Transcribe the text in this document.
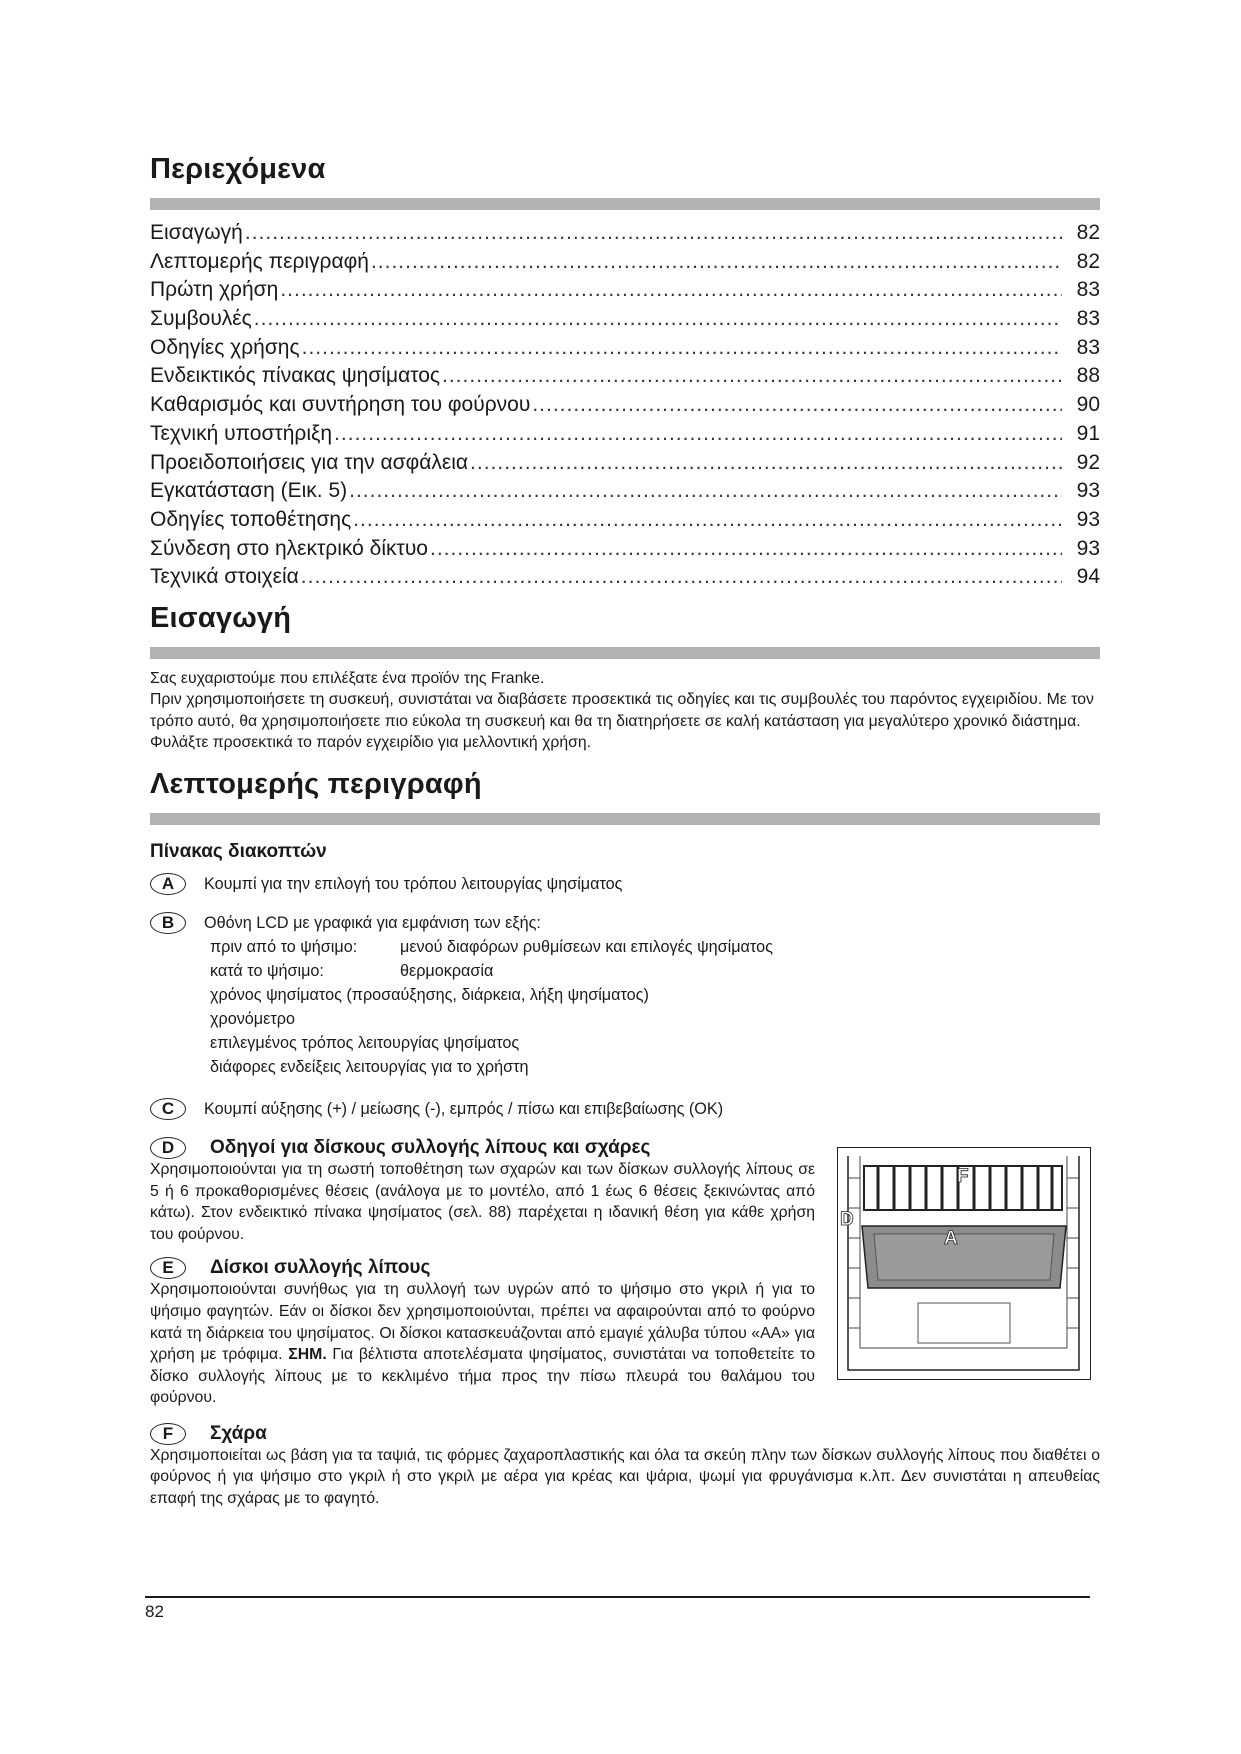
Περιεχόμενα
Εισαγωγή .....	82
Λεπτομερής περιγραφή .....	82
Πρώτη χρήση .....	83
Συμβουλές .....	83
Οδηγίες χρήσης .....	83
Ενδεικτικός πίνακας ψησίματος .....	88
Καθαρισμός και συντήρηση του φούρνου .....	90
Τεχνική υποστήριξη .....	91
Προειδοποιήσεις για την ασφάλεια .....	92
Εγκατάσταση (Εικ. 5) .....	93
Οδηγίες τοποθέτησης .....	93
Σύνδεση στο ηλεκτρικό δίκτυο .....	93
Τεχνικά στοιχεία .....	94
Εισαγωγή

Σας ευχαριστούμε που επιλέξατε ένα προϊόν της Franke.

Πριν χρησιμοποιήσετε τη συσκευή, συνιστάται να διαβάσετε προσεκτικά τις οδηγίες και τις συμβουλές του παρόντος εγχειριδίου. Με τον τρόπο αυτό, θα χρησιμοποιήσετε πιο εύκολα τη συσκευή και θα τη διατηρήσετε σε καλή κατάσταση για μεγαλύτερο χρονικό διάστημα. Φυλάξτε προσεκτικά το παρόν εγχειρίδιο για μελλοντική χρήση.

Λεπτομερής περιγραφή

Πίνακας διακοπτών

A	Κουμπί για την επιλογή του τρόπου λειτουργίας ψησίματος
B	Οθόνη LCD με γραφικά για εμφάνιση των εξής:
πριν από το ψήσιμο:	μενού διαφόρων ρυθμίσεων και επιλογές ψησίματος
κατά το ψήσιμο:	θερμοκρασία
χρόνος ψησίματος (προσαύξησης, διάρκεια, λήξη ψησίματος)
χρονόμετρο
επιλεγμένος τρόπος λειτουργίας ψησίματος
διάφορες ενδείξεις λειτουργίας για το χρήστη
C	Κουμπί αύξησης (+) / μείωσης (-), εμπρός / πίσω και επιβεβαίωσης (OK)
D	Οδηγοί για δίσκους συλλογής λίπους και σχάρες

Χρησιμοποιούνται για τη σωστή τοποθέτηση των σχαρών και των δίσκων συλλογής λίπους σε 5 ή 6 προκαθορισμένες θέσεις (ανάλογα με το μοντέλο, από 1 έως 6 θέσεις ξεκινώντας από κάτω). Στον ενδεικτικό πίνακα ψησίματος (σελ. 88) παρέχεται η ιδανική θέση για κάθε χρήση του φούρνου.

E	Δίσκοι συλλογής λίπους

Χρησιμοποιούνται συνήθως για τη συλλογή των υγρών από το ψήσιμο στο γκριλ ή για το ψήσιμο φαγητών. Εάν οι δίσκοι δεν χρησιμοποιούνται, πρέπει να αφαιρούνται από το φούρνο κατά τη διάρκεια του ψησίματος. Οι δίσκοι κατασκευάζονται από εμαγιέ χάλυβα τύπου «AA» για χρήση με τρόφιμα. ΣΗΜ. Για βέλτιστα αποτελέσματα ψησίματος, συνιστάται να τοποθετείτε το δίσκο συλλογής λίπους με το κεκλιμένο τήμα προς την πίσω πλευρά του θαλάμου του φούρνου.

F	Σχάρα

Χρησιμοποιείται ως βάση για τα ταψιά, τις φόρμες ζαχαροπλαστικής και όλα τα σκεύη πλην των δίσκων συλλογής λίπους που διαθέτει ο φούρνος ή για ψήσιμο στο γκριλ ή στο γκριλ με αέρα για κρέας και ψάρια, ψωμί για φρυγάνισμα κ.λπ. Δεν συνιστάται η απευθείας επαφή της σχάρας με το φαγητό.

F
D
A
82
